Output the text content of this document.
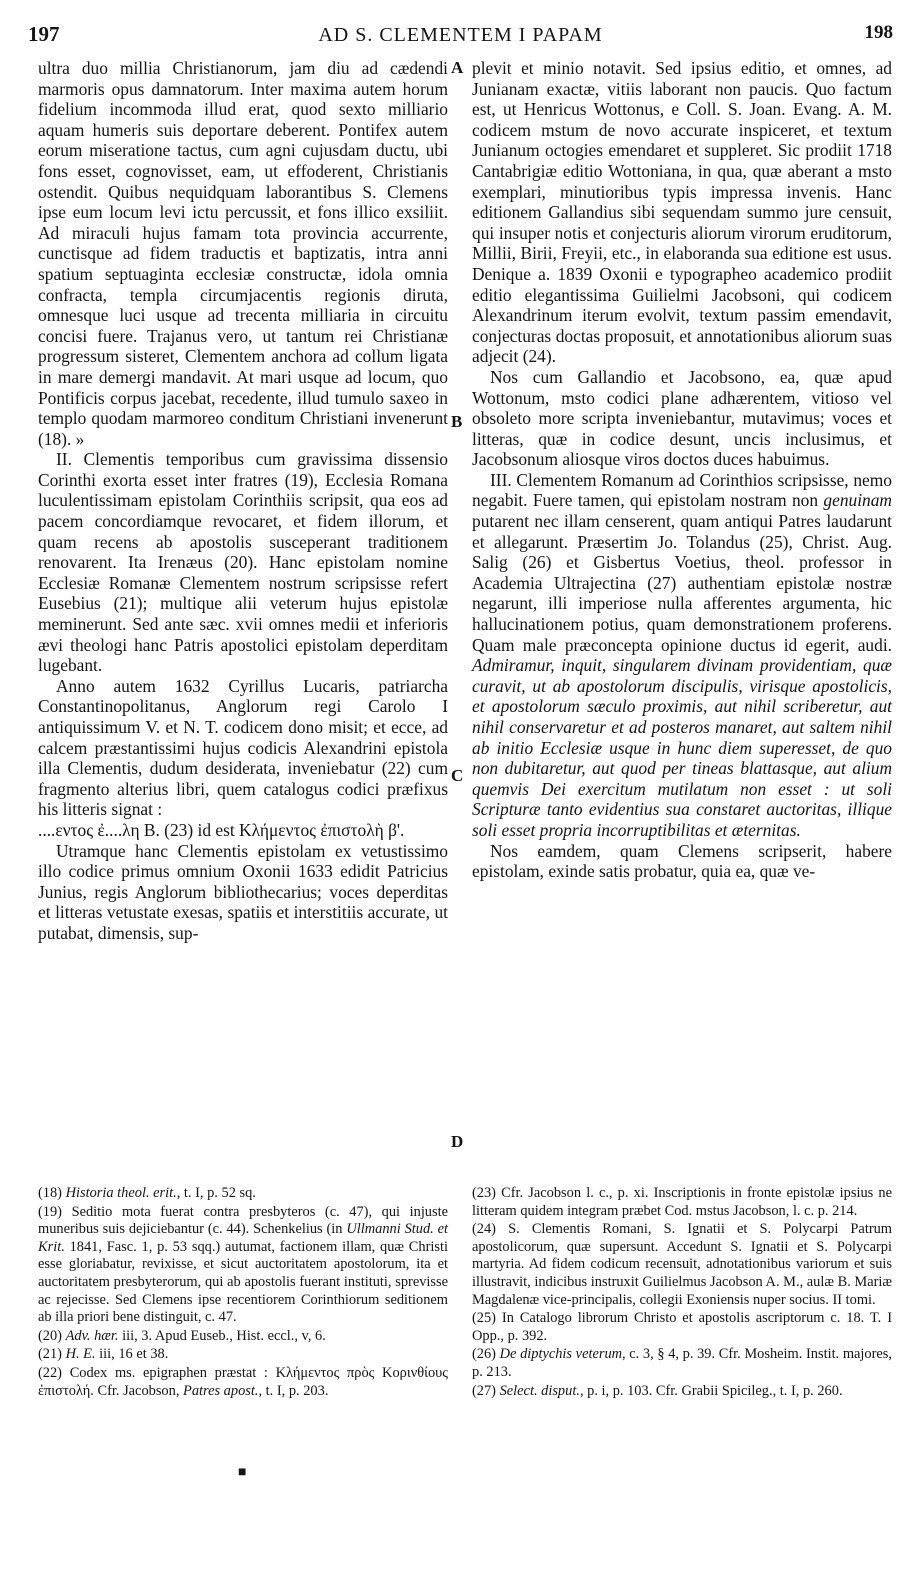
197	AD S. CLEMENTEM I PAPAM	198
A
B
C
D

ultra duo millia Christianorum, jam diu ad cædendi marmoris opus damnatorum. Inter maxima autem horum fidelium incommoda illud erat, quod sexto milliario aquam humeris suis deportare deberent. Pontifex autem eorum miseratione tactus, cum agni cujusdam ductu, ubi fons esset, cognovisset, eam, ut effoderent, Christianis ostendit. Quibus nequidquam laborantibus S. Clemens ipse eum locum levi ictu percussit, et fons illico exsiliit. Ad miraculi hujus famam tota provincia accurrente, cunctisque ad fidem traductis et baptizatis, intra anni spatium septuaginta ecclesiæ constructæ, idola omnia confracta, templa circumjacentis regionis diruta, omnesque luci usque ad trecenta milliaria in circuitu concisi fuere. Trajanus vero, ut tantum rei Christianæ progressum sisteret, Clementem anchora ad collum ligata in mare demergi mandavit. At mari usque ad locum, quo Pontificis corpus jacebat, recedente, illud tumulo saxeo in templo quodam marmoreo conditum Christiani invenerunt (18). »

II. Clementis temporibus cum gravissima dissensio Corinthi exorta esset inter fratres (19), Ecclesia Romana luculentissimam epistolam Corinthiis scripsit, qua eos ad pacem concordiamque revocaret, et fidem illorum, et quam recens ab apostolis susceperant traditionem renovarent. Ita Irenæus (20). Hanc epistolam nomine Ecclesiæ Romanæ Clementem nostrum scripsisse refert Eusebius (21); multique alii veterum hujus epistolæ meminerunt. Sed ante sæc. xvii omnes medii et inferioris ævi theologi hanc Patris apostolici epistolam deperditam lugebant.

Anno autem 1632 Cyrillus Lucaris, patriarcha Constantinopolitanus, Anglorum regi Carolo I antiquissimum V. et N. T. codicem dono misit; et ecce, ad calcem præstantissimi hujus codicis Alexandrini epistola illa Clementis, dudum desiderata, inveniebatur (22) cum fragmento alterius libri, quem catalogus codici præfixus his litteris signat :

....εντος ἐ....λη Β. (23) id est Κλήμεντος ἐπιστολὴ β'.

Utramque hanc Clementis epistolam ex vetustissimo illo codice primus omnium Oxonii 1633 edidit Patricius Junius, regis Anglorum bibliothecarius; voces deperditas et litteras vetustate exesas, spatiis et interstitiis accurate, ut putabat, dimensis, sup-

plevit et minio notavit. Sed ipsius editio, et omnes, ad Junianam exactæ, vitiis laborant non paucis. Quo factum est, ut Henricus Wottonus, e Coll. S. Joan. Evang. A. M. codicem mstum de novo accurate inspiceret, et textum Junianum octogies emendaret et suppleret. Sic prodiit 1718 Cantabrigiæ editio Wottoniana, in qua, quæ aberant a msto exemplari, minutioribus typis impressa invenis. Hanc editionem Gallandius sibi sequendam summo jure censuit, qui insuper notis et conjecturis aliorum virorum eruditorum, Millii, Birii, Freyii, etc., in elaboranda sua editione est usus. Denique a. 1839 Oxonii e typographeo academico prodiit editio elegantissima Guilielmi Jacobsoni, qui codicem Alexandrinum iterum evolvit, textum passim emendavit, conjecturas doctas proposuit, et annotationibus aliorum suas adjecit (24).

Nos cum Gallandio et Jacobsono, ea, quæ apud Wottonum, msto codici plane adhærentem, vitioso vel obsoleto more scripta inveniebantur, mutavimus; voces et litteras, quæ in codice desunt, uncis inclusimus, et Jacobsonum aliosque viros doctos duces habuimus.

III. Clementem Romanum ad Corinthios scripsisse, nemo negabit. Fuere tamen, qui epistolam nostram non genuinam putarent nec illam censerent, quam antiqui Patres laudarunt et allegarunt. Præsertim Jo. Tolandus (25), Christ. Aug. Salig (26) et Gisbertus Voetius, theol. professor in Academia Ultrajectina (27) authentiam epistolæ nostræ negarunt, illi imperiose nulla afferentes argumenta, hic hallucinationem potius, quam demonstrationem proferens. Quam male præconcepta opinione ductus id egerit, audi. Admiramur, inquit, singularem divinam providentiam, quæ curavit, ut ab apostolorum discipulis, virisque apostolicis, et apostolorum sæculo proximis, aut nihil scriberetur, aut nihil conservaretur et ad posteros manaret, aut saltem nihil ab initio Ecclesiæ usque in hunc diem superesset, de quo non dubitaretur, aut quod per tineas blattasque, aut alium quemvis Dei exercitum mutilatum non esset : ut soli Scripturæ tanto evidentius sua constaret auctoritas, illique soli esset propria incorruptibilitas et æternitas.

Nos eamdem, quam Clemens scripserit, habere epistolam, exinde satis probatur, quia ea, quæ ve-

(18) Historia theol. erit., t. I, p. 52 sq.

(19) Seditio mota fuerat contra presbyteros (c. 47), qui injuste muneribus suis dejiciebantur (c. 44). Schenkelius (in Ullmanni Stud. et Krit. 1841, Fasc. 1, p. 53 sqq.) autumat, factionem illam, quæ Christi esse gloriabatur, revixisse, et sicut auctoritatem apostolorum, ita et auctoritatem presbyterorum, qui ab apostolis fuerant instituti, sprevisse ac rejecisse. Sed Clemens ipse recentiorem Corinthiorum seditionem ab illa priori bene distinguit, c. 47.

(20) Adv. hær. iii, 3. Apud Euseb., Hist. eccl., v, 6.

(21) H. E. iii, 16 et 38.

(22) Codex ms. epigraphen præstat : Κλήμεντος πρὸς Κορινθίους ἐπιστολή. Cfr. Jacobson, Patres apost., t. I, p. 203.

■

(23) Cfr. Jacobson l. c., p. xi. Inscriptionis in fronte epistolæ ipsius ne litteram quidem integram præbet Cod. mstus Jacobson, l. c. p. 214.

(24) S. Clementis Romani, S. Ignatii et S. Polycarpi Patrum apostolicorum, quæ supersunt. Accedunt S. Ignatii et S. Polycarpi martyria. Ad fidem codicum recensuit, adnotationibus variorum et suis illustravit, indicibus instruxit Guilielmus Jacobson A. M., aulæ B. Mariæ Magdalenæ vice-principalis, collegii Exoniensis nuper socius. II tomi.

(25) In Catalogo librorum Christo et apostolis ascriptorum c. 18. T. I Opp., p. 392.

(26) De diptychis veterum, c. 3, § 4, p. 39. Cfr. Mosheim. Instit. majores, p. 213.

(27) Select. disput., p. i, p. 103. Cfr. Grabii Spicileg., t. I, p. 260.
